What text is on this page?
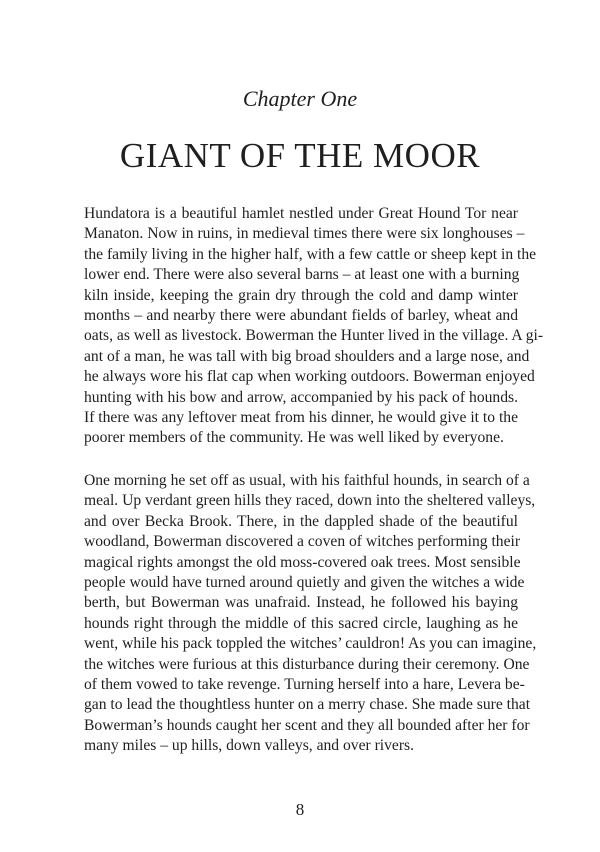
Chapter One
GIANT OF THE MOOR
Hundatora is a beautiful hamlet nestled under Great Hound Tor near
Manaton. Now in ruins, in medieval times there were six longhouses –
the family living in the higher half, with a few cattle or sheep kept in the
lower end. There were also several barns – at least one with a burning
kiln inside, keeping the grain dry through the cold and damp winter
months – and nearby there were abundant fields of barley, wheat and
oats, as well as livestock. Bowerman the Hunter lived in the village. A gi-
ant of a man, he was tall with big broad shoulders and a large nose, and
he always wore his flat cap when working outdoors. Bowerman enjoyed
hunting with his bow and arrow, accompanied by his pack of hounds.
If there was any leftover meat from his dinner, he would give it to the
poorer members of the community. He was well liked by everyone.
One morning he set off as usual, with his faithful hounds, in search of a
meal. Up verdant green hills they raced, down into the sheltered valleys,
and over Becka Brook. There, in the dappled shade of the beautiful
woodland, Bowerman discovered a coven of witches performing their
magical rights amongst the old moss-covered oak trees. Most sensible
people would have turned around quietly and given the witches a wide
berth, but Bowerman was unafraid. Instead, he followed his baying
hounds right through the middle of this sacred circle, laughing as he
went, while his pack toppled the witches’ cauldron! As you can imagine,
the witches were furious at this disturbance during their ceremony. One
of them vowed to take revenge. Turning herself into a hare, Levera be-
gan to lead the thoughtless hunter on a merry chase. She made sure that
Bowerman’s hounds caught her scent and they all bounded after her for
many miles – up hills, down valleys, and over rivers.
8
